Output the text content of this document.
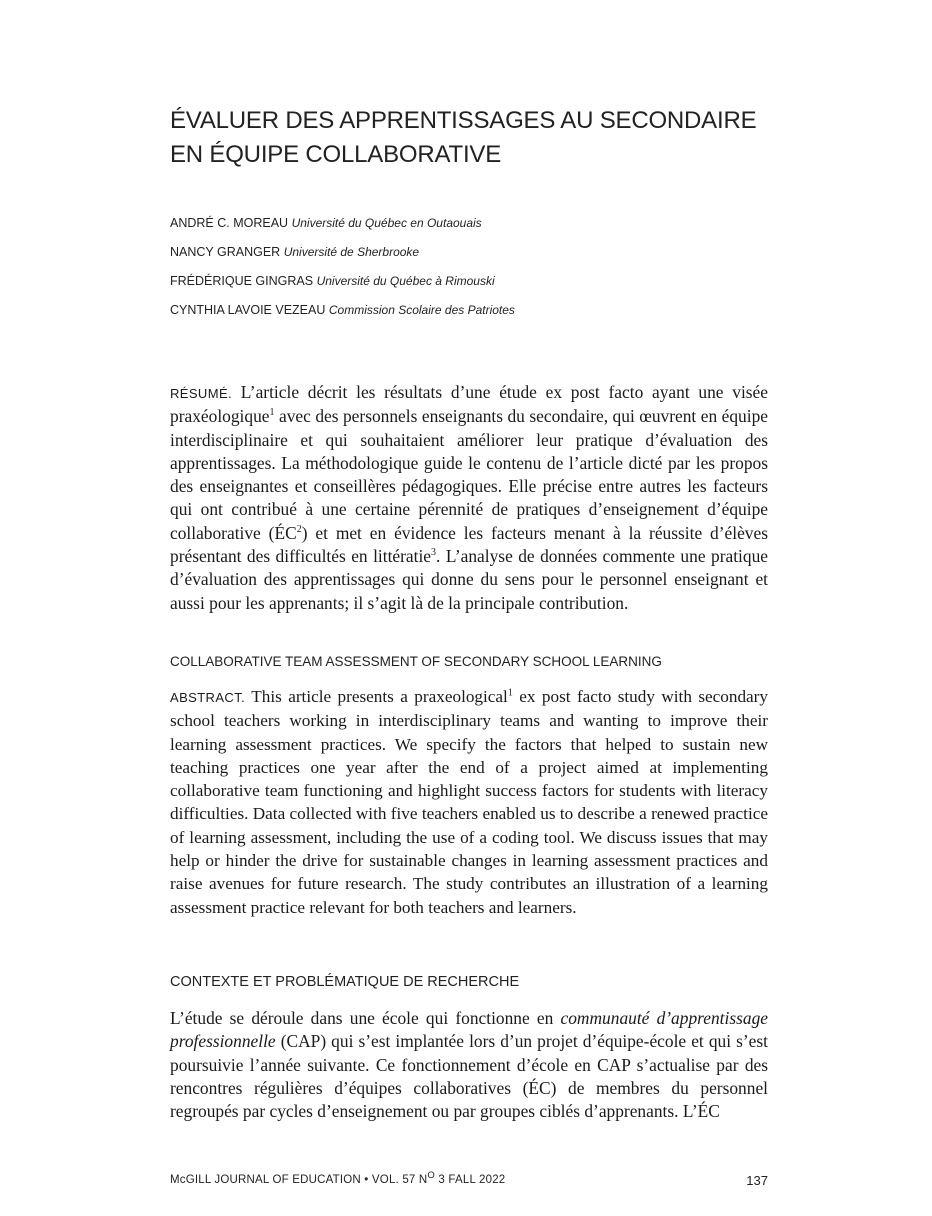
ÉVALUER DES APPRENTISSAGES AU SECONDAIRE
EN ÉQUIPE COLLABORATIVE
ANDRÉ C. MOREAU Université du Québec en Outaouais
NANCY GRANGER Université de Sherbrooke
FRÉDÉRIQUE GINGRAS Université du Québec à Rimouski
CYNTHIA LAVOIE VEZEAU Commission Scolaire des Patriotes

RÉSUMÉ. L’article décrit les résultats d’une étude ex post facto ayant une visée praxéologique$^1$ avec des personnels enseignants du secondaire, qui œuvrent en équipe interdisciplinaire et qui souhaitaient améliorer leur pratique d’évaluation des apprentissages. La méthodologique guide le contenu de l’article dicté par les propos des enseignantes et conseillères pédagogiques. Elle précise entre autres les facteurs qui ont contribué à une certaine pérennité de pratiques d’enseignement d’équipe collaborative $(ÉC^2)$ et met en évidence les facteurs menant à la réussite d’élèves présentant des difficultés en littératie$^3$. L’analyse de données commente une pratique d’évaluation des apprentissages qui donne du sens pour le personnel enseignant et aussi pour les apprenants; il s’agit là de la principale contribution.

COLLABORATIVE TEAM ASSESSMENT OF SECONDARY SCHOOL LEARNING

ABSTRACT. This article presents a praxeological$^1$ ex post facto study with secondary school teachers working in interdisciplinary teams and wanting to improve their learning assessment practices. We specify the factors that helped to sustain new teaching practices one year after the end of a project aimed at implementing collaborative team functioning and highlight success factors for students with literacy difficulties. Data collected with five teachers enabled us to describe a renewed practice of learning assessment, including the use of a coding tool. We discuss issues that may help or hinder the drive for sustainable changes in learning assessment practices and raise avenues for future research. The study contributes an illustration of a learning assessment practice relevant for both teachers and learners.

CONTEXTE ET PROBLÉMATIQUE DE RECHERCHE

L’étude se déroule dans une école qui fonctionne en communauté d’apprentissage professionnelle (CAP) qui s’est implantée lors d’un projet d’équipe-école et qui s’est poursuivie l’année suivante. Ce fonctionnement d’école en CAP s’actualise par des rencontres régulières d’équipes collaboratives (ÉC) de membres du personnel regroupés par cycles d’enseignement ou par groupes ciblés d’apprenants. L’ÉC

McGILL JOURNAL OF EDUCATION • VOL. 57 $N^O$ 3 FALL 2022	137
